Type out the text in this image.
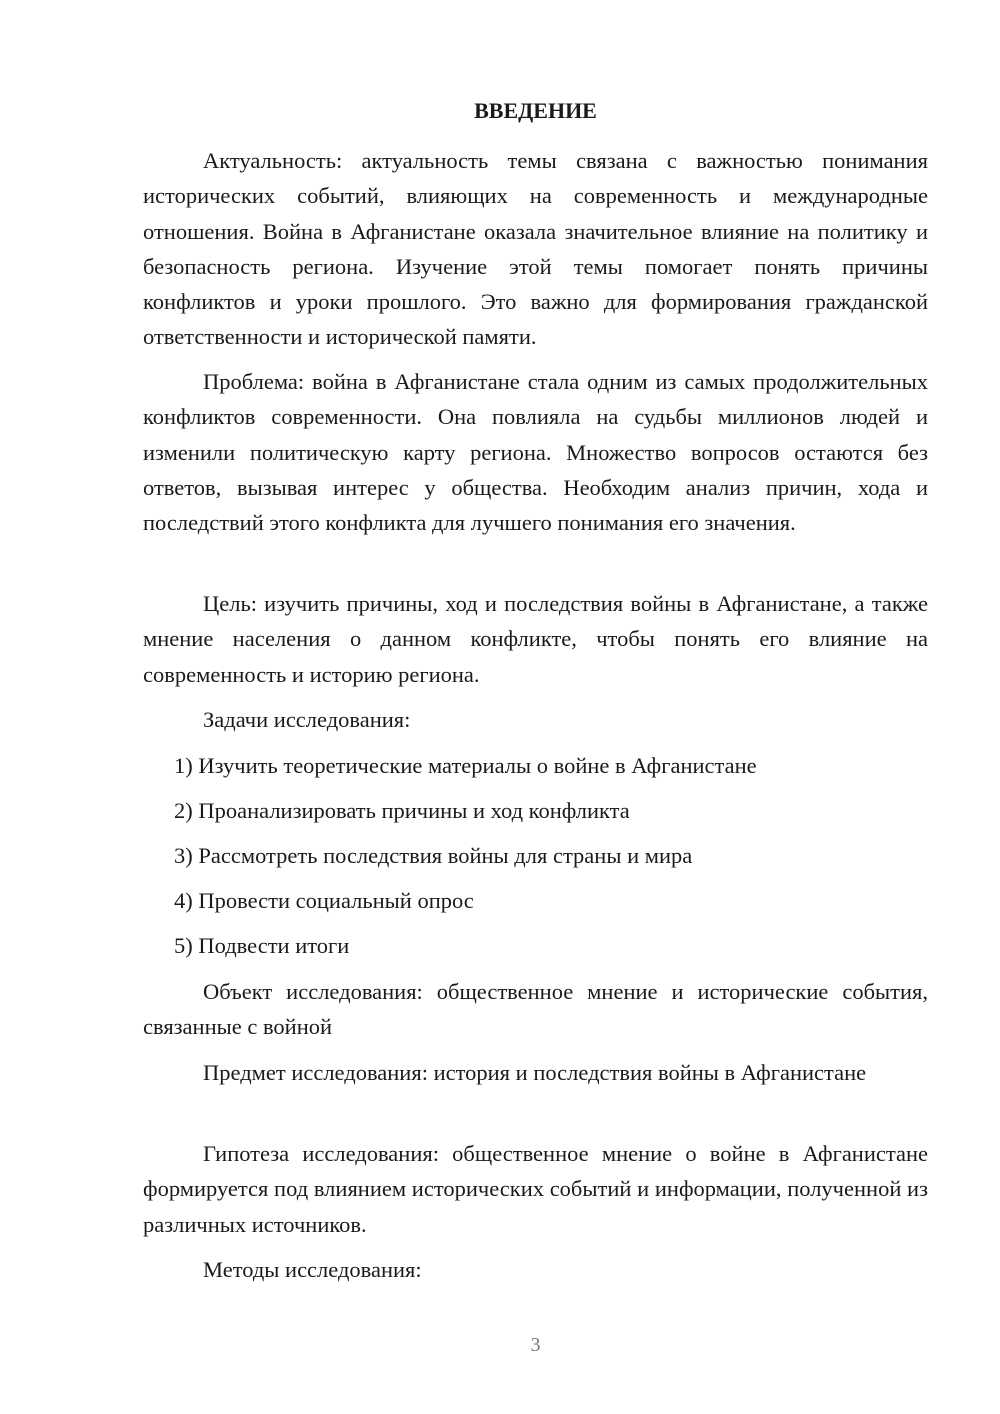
ВВЕДЕНИЕ

Актуальность: актуальность темы связана с важностью понимания исторических событий, влияющих на современность и международные отношения. Война в Афганистане оказала значительное влияние на политику и безопасность региона. Изучение этой темы помогает понять причины конфликтов и уроки прошлого. Это важно для формирования гражданской ответственности и исторической памяти.

Проблема: война в Афганистане стала одним из самых продолжительных конфликтов современности. Она повлияла на судьбы миллионов людей и изменили политическую карту региона. Множество вопросов остаются без ответов, вызывая интерес у общества. Необходим анализ причин, хода и последствий этого конфликта для лучшего понимания его значения.

Цель: изучить причины, ход и последствия войны в Афганистане, а также мнение населения о данном конфликте, чтобы понять его влияние на современность и историю региона.

Задачи исследования:

1) Изучить теоретические материалы о войне в Афганистане

2) Проанализировать причины и ход конфликта

3) Рассмотреть последствия войны для страны и мира

4) Провести социальный опрос

5) Подвести итоги

Объект исследования: общественное мнение и исторические события, связанные с войной

Предмет исследования: история и последствия войны в Афганистане

Гипотеза исследования: общественное мнение о войне в Афганистане формируется под влиянием исторических событий и информации, полученной из различных источников.

Методы исследования:

3
